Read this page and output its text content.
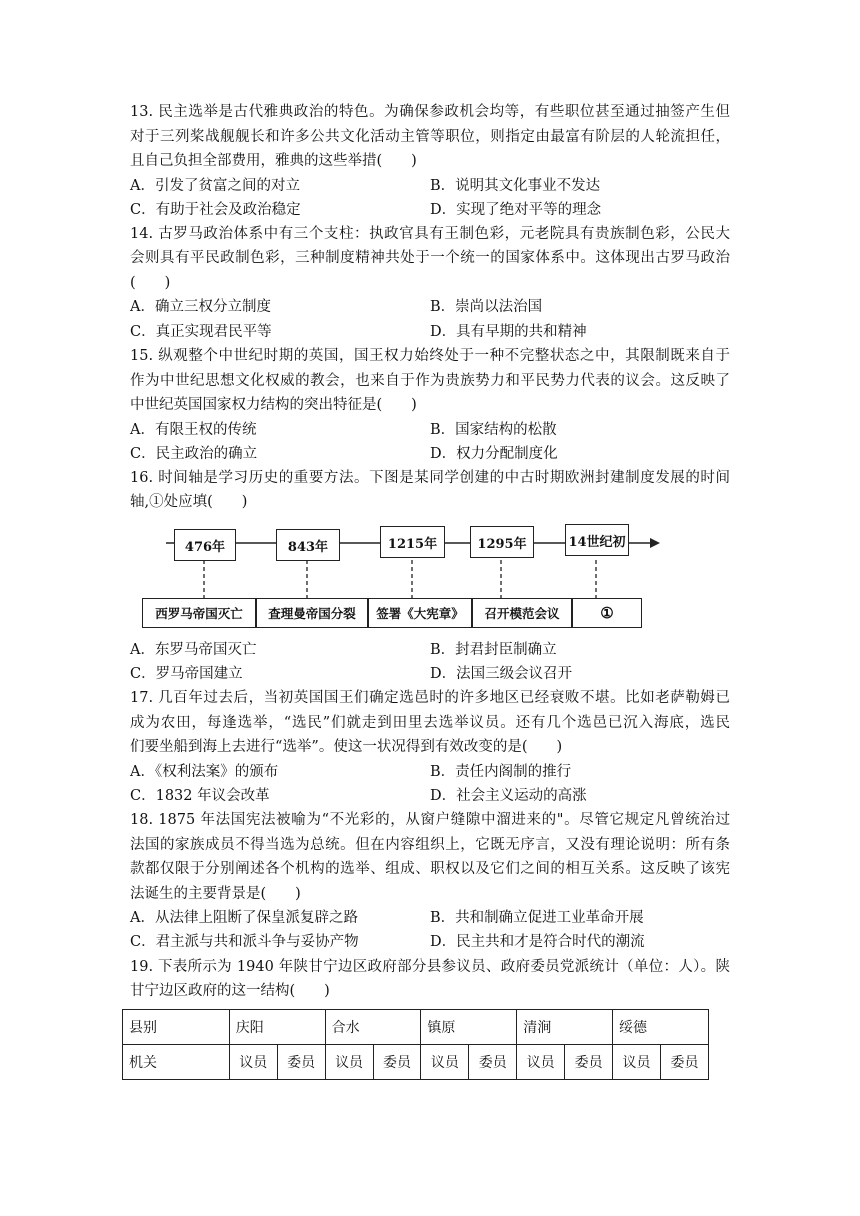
13. 民主选举是古代雅典政治的特色。为确保参政机会均等，有些职位甚至通过抽签产生但
对于三列桨战舰舰长和许多公共文化活动主管等职位，则指定由最富有阶层的人轮流担任，
且自己负担全部费用，雅典的这些举措(　　)
A．引发了贫富之间的对立	B．说明其文化事业不发达
C．有助于社会及政治稳定	D．实现了绝对平等的理念
14. 古罗马政治体系中有三个支柱：执政官具有王制色彩，元老院具有贵族制色彩，公民大
会则具有平民政制色彩，三种制度精神共处于一个统一的国家体系中。这体现出古罗马政治
(　　)
A．确立三权分立制度	B．崇尚以法治国
C．真正实现君民平等	D．具有早期的共和精神
15. 纵观整个中世纪时期的英国，国王权力始终处于一种不完整状态之中，其限制既来自于
作为中世纪思想文化权威的教会，也来自于作为贵族势力和平民势力代表的议会。这反映了
中世纪英国国家权力结构的突出特征是(　　)
A．有限王权的传统	B．国家结构的松散
C．民主政治的确立	D．权力分配制度化
16. 时间轴是学习历史的重要方法。下图是某同学创建的中古时期欧洲封建制度发展的时间
轴,①处应填(　　)
476年	843年	1215年	1295年	14世纪初
西罗马帝国灭亡	查理曼帝国分裂	签署《大宪章》	召开模范会议	①
A．东罗马帝国灭亡	B．封君封臣制确立
C．罗马帝国建立	D．法国三级会议召开
17. 几百年过去后，当初英国国王们确定选邑时的许多地区已经衰败不堪。比如老萨勒姆已
成为农田，每逢选举，“选民”们就走到田里去选举议员。还有几个选邑已沉入海底，选民
们要坐船到海上去进行“选举”。使这一状况得到有效改变的是(　　)
A．《权利法案》的颁布	B．责任内阁制的推行
C．1832 年议会改革	D．社会主义运动的高涨
18. 1875 年法国宪法被喻为“不光彩的，从窗户缝隙中溜进来的"。尽管它规定凡曾统治过
法国的家族成员不得当选为总统。但在内容组织上，它既无序言，又没有理论说明：所有条
款都仅限于分别阐述各个机构的选举、组成、职权以及它们之间的相互关系。这反映了该宪
法诞生的主要背景是(　　)
A．从法律上阻断了保皇派复辟之路	B．共和制确立促进工业革命开展
C．君主派与共和派斗争与妥协产物	D．民主共和才是符合时代的潮流
19. 下表所示为 1940 年陕甘宁边区政府部分县参议员、政府委员党派统计（单位：人）。陕
甘宁边区政府的这一结构(　　)
县别	庆阳		合水		镇原		清涧		绥德	
机关	议员	委员	议员	委员	议员	委员	议员	委员	议员	委员
